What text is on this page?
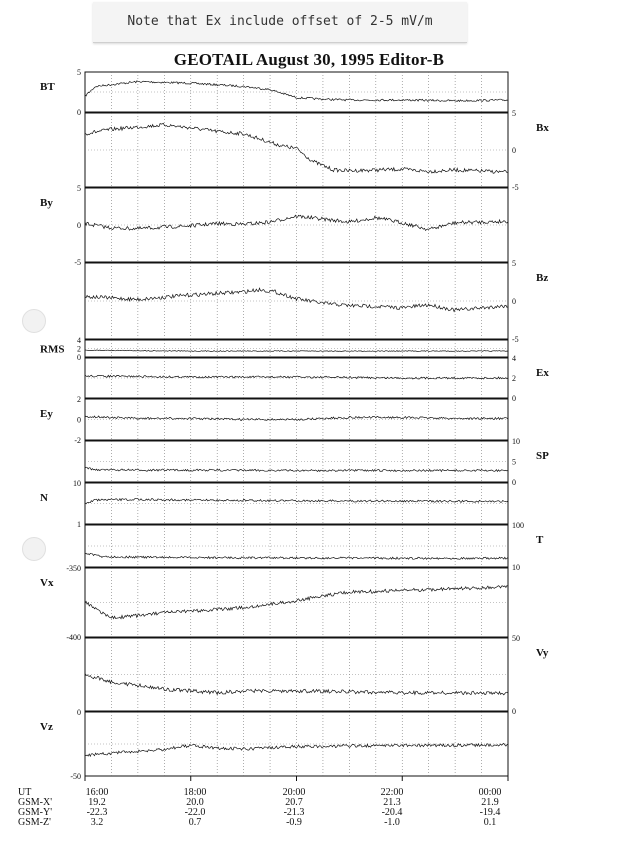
Note that Ex include offset of 2-5 mV/m
GEOTAIL August 30, 1995 Editor-B
5
0
BT
5
0
-5
Bx
5
0
-5
By
5
0
-5
Bz
4
2
0
RMS
4
2
0
Ex
2
0
-2
Ey
10
5
0
SP
10
1
N
100
10
T
-350
-400
Vx
50
0
Vy
0
-50
Vz
UT	16:00	18:00	20:00	22:00	00:00
GSM-X'	19.2	20.0	20.7	21.3	21.9
GSM-Y'	-22.3	-22.0	-21.3	-20.4	-19.4
GSM-Z'	3.2	0.7	-0.9	-1.0	0.1
